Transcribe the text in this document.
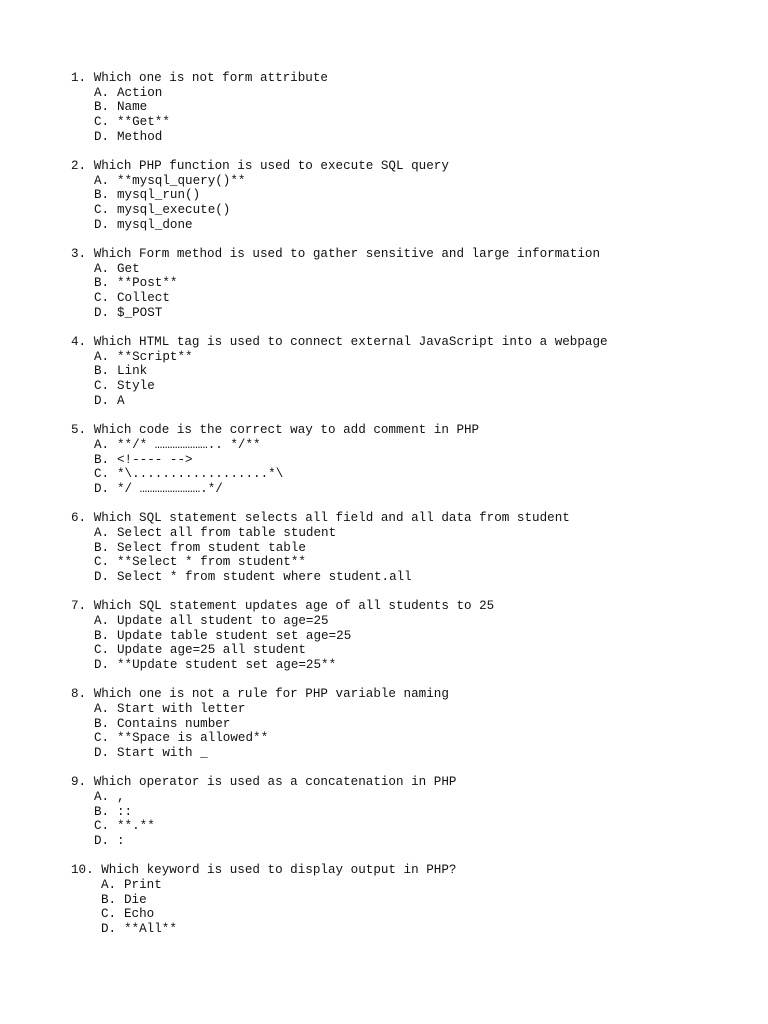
1. Which one is not form attribute
A. Action
B. Name
C. **Get**
D. Method
2. Which PHP function is used to execute SQL query
A. **mysql_query()**
B. mysql_run()
C. mysql_execute()
D. mysql_done
3. Which Form method is used to gather sensitive and large information
A. Get
B. **Post**
C. Collect
D. $_POST
4. Which HTML tag is used to connect external JavaScript into a webpage
A. **Script**
B. Link
C. Style
D. A
5. Which code is the correct way to add comment in PHP
A. **/* ………………….. */**
B. <!---- -->
C. *\..................*\
D. */ …………………….*/
6. Which SQL statement selects all field and all data from student
A. Select all from table student
B. Select from student table
C. **Select * from student**
D. Select * from student where student.all
7. Which SQL statement updates age of all students to 25
A. Update all student to age=25
B. Update table student set age=25
C. Update age=25 all student
D. **Update student set age=25**
8. Which one is not a rule for PHP variable naming
A. Start with letter
B. Contains number
C. **Space is allowed**
D. Start with _
9. Which operator is used as a concatenation in PHP
A. ,
B. ::
C. **.**
D. :
10. Which keyword is used to display output in PHP?
A. Print
B. Die
C. Echo
D. **All**
